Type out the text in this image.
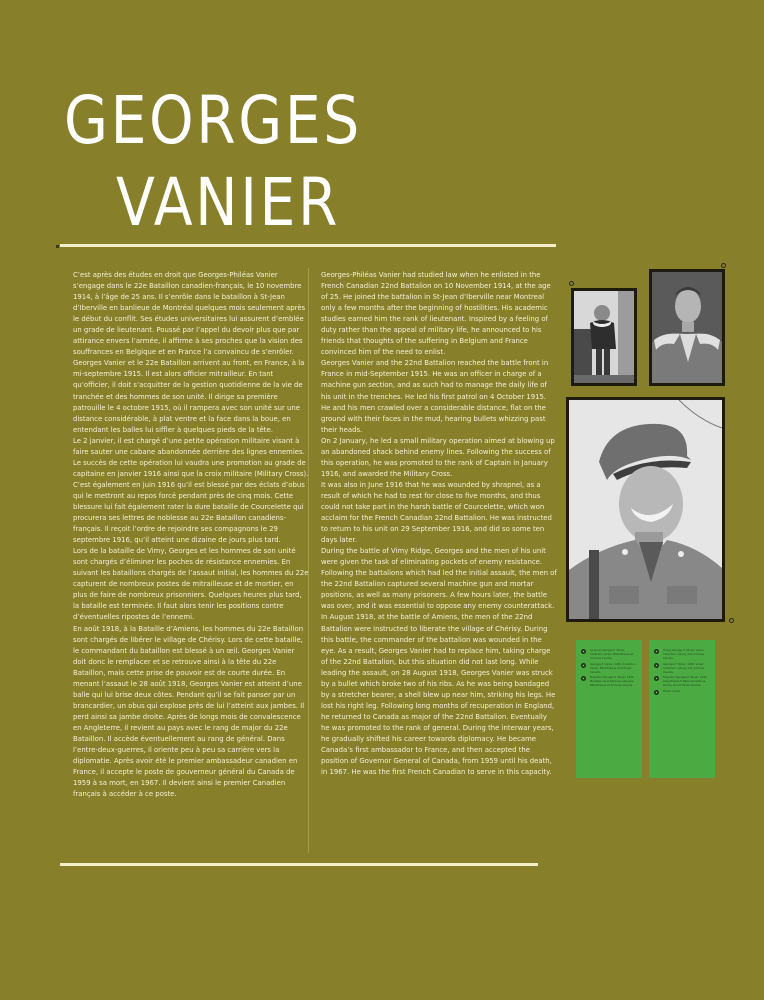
GEORGES
VANIER

C’est après des études en droit que Georges-Philéas Vanier s’engage dans le 22e Bataillon canadien-français, le 10 novembre 1914, à l’âge de 25 ans. Il s’enrôle dans le bataillon à St-Jean d’Iberville en banlieue de Montréal quelques mois seulement après le début du conflit. Ses études universitaires lui assurent d’emblée un grade de lieutenant. Poussé par l’appel du devoir plus que par attirance envers l’armée, il affirme à ses proches que la vision des souffrances en Belgique et en France l’a convaincu de s’enrôler.

Georges Vanier et le 22e Bataillon arrivent au front, en France, à la mi-septembre 1915. Il est alors officier mitrailleur. En tant qu’officier, il doit s’acquitter de la gestion quotidienne de la vie de tranchée et des hommes de son unité. Il dirige sa première patrouille le 4 octobre 1915, où il rampera avec son unité sur une distance considérable, à plat ventre et la face dans la boue, en entendant les balles lui siffler à quelques pieds de la tête.

Le 2 janvier, il est chargé d’une petite opération militaire visant à faire sauter une cabane abandonnée derrière des lignes ennemies. Le succès de cette opération lui vaudra une promotion au grade de capitaine en janvier 1916 ainsi que la croix militaire (Military Cross).

C’est également en juin 1916 qu’il est blessé par des éclats d’obus qui le mettront au repos forcé pendant près de cinq mois. Cette blessure lui fait également rater la dure bataille de Courcelette qui procurera ses lettres de noblesse au 22e Bataillon canadiens-français. Il reçoit l’ordre de rejoindre ses compagnons le 29 septembre 1916, qu’il atteint une dizaine de jours plus tard.

Lors de la bataille de Vimy, Georges et les hommes de son unité sont chargés d’éliminer les poches de résistance ennemies. En suivant les bataillons chargés de l’assaut initial, les hommes du 22e capturent de nombreux postes de mitrailleuse et de mortier, en plus de faire de nombreux prisonniers. Quelques heures plus tard, la bataille est terminée. Il faut alors tenir les positions contre d’éventuelles ripostes de l’ennemi.

En août 1918, à la Bataille d’Amiens, les hommes du 22e Bataillon sont chargés de libérer le village de Chérisy. Lors de cette bataille, le commandant du bataillon est blessé à un œil. Georges Vanier doit donc le remplacer et se retrouve ainsi à la tête du 22e Bataillon, mais cette prise de pouvoir est de courte durée. En menant l’assaut le 28 août 1918, Georges Vanier est atteint d’une balle qui lui brise deux côtes. Pendant qu’il se fait panser par un brancardier, un obus qui explose près de lui l’atteint aux jambes. Il perd ainsi sa jambe droite. Après de longs mois de convalescence en Angleterre, il revient au pays avec le rang de major du 22e Bataillon. Il accède éventuellement au rang de général. Dans l’entre-deux-guerres, il oriente peu à peu sa carrière vers la diplomatie. Après avoir été le premier ambassadeur canadien en France, il accepte le poste de gouverneur général du Canada de 1959 à sa mort, en 1967. Il devient ainsi le premier Canadien français à accéder à ce poste.

Georges-Philéas Vanier had studied law when he enlisted in the French Canadian 22nd Battalion on 10 November 1914, at the age of 25. He joined the battalion in St-Jean d’Iberville near Montreal only a few months after the beginning of hostilities. His academic studies earned him the rank of lieutenant. Inspired by a feeling of duty rather than the appeal of military life, he announced to his friends that thoughts of the suffering in Belgium and France convinced him of the need to enlist.

Georges Vanier and the 22nd Battalion reached the battle front in France in mid-September 1915. He was an officer in charge of a machine gun section, and as such had to manage the daily life of his unit in the trenches. He led his first patrol on 4 October 1915. He and his men crawled over a considerable distance, flat on the ground with their faces in the mud, hearing bullets whizzing past their heads.

On 2 January, he led a small military operation aimed at blowing up an abandoned shack behind enemy lines. Following the success of this operation, he was promoted to the rank of Captain in January 1916, and awarded the Military Cross.

It was also in June 1916 that he was wounded by shrapnel, as a result of which he had to rest for close to five months, and thus could not take part in the harsh battle of Courcelette, which won acclaim for the French Canadian 22nd Battalion. He was instructed to return to his unit on 29 September 1916, and did so some ten days later.

During the battle of Vimy Ridge, Georges and the men of his unit were given the task of eliminating pockets of enemy resistance. Following the battalions which had led the initial assault, the men of the 22nd Battalion captured several machine gun and mortar positions, as well as many prisoners. A few hours later, the battle was over, and it was essential to oppose any enemy counterattack.

In August 1918, at the battle of Amiens, the men of the 22nd Battalion were instructed to liberate the village of Chérisy. During this battle, the commander of the battalion was wounded in the eye. As a result, Georges Vanier had to replace him, taking charge of the 22nd Battalion, but this situation did not last long. While leading the assault, on 28 August 1918, Georges Vanier was struck by a bullet which broke two of his ribs. As he was being bandaged by a stretcher bearer, a shell blew up near him, striking his legs. He lost his right leg. Following long months of recuperation in England, he returned to Canada as major of the 22nd Battalion. Eventually he was promoted to the rank of general. During the interwar years, he gradually shifted his career towards diplomacy. He became Canada’s first ambassador to France, and then accepted the position of Governor General of Canada, from 1959 until his death, in 1967. He was the first French Canadian to serve in this capacity.

Le jeune Georges P. Vanier. Collection Vanier, Bibliothèque et Archives Canada.
Georges P. Vanier, 1906. Collection Vanier, Bibliothèque et Archives Canada.
Brigadier Georges P. Vanier, 1942. Ministère de la Défense nationale, Bibliothèque et Archives Canada.
Young Georges P. Vanier. Vanier Collection, Library and Archives Canada.
Georges P. Vanier, 1906. Vanier Collection, Library and Archives Canada.
Brigadier Georges P. Vanier, 1942. Department of National Defence, Library and Archives Canada.
Photo credits.
